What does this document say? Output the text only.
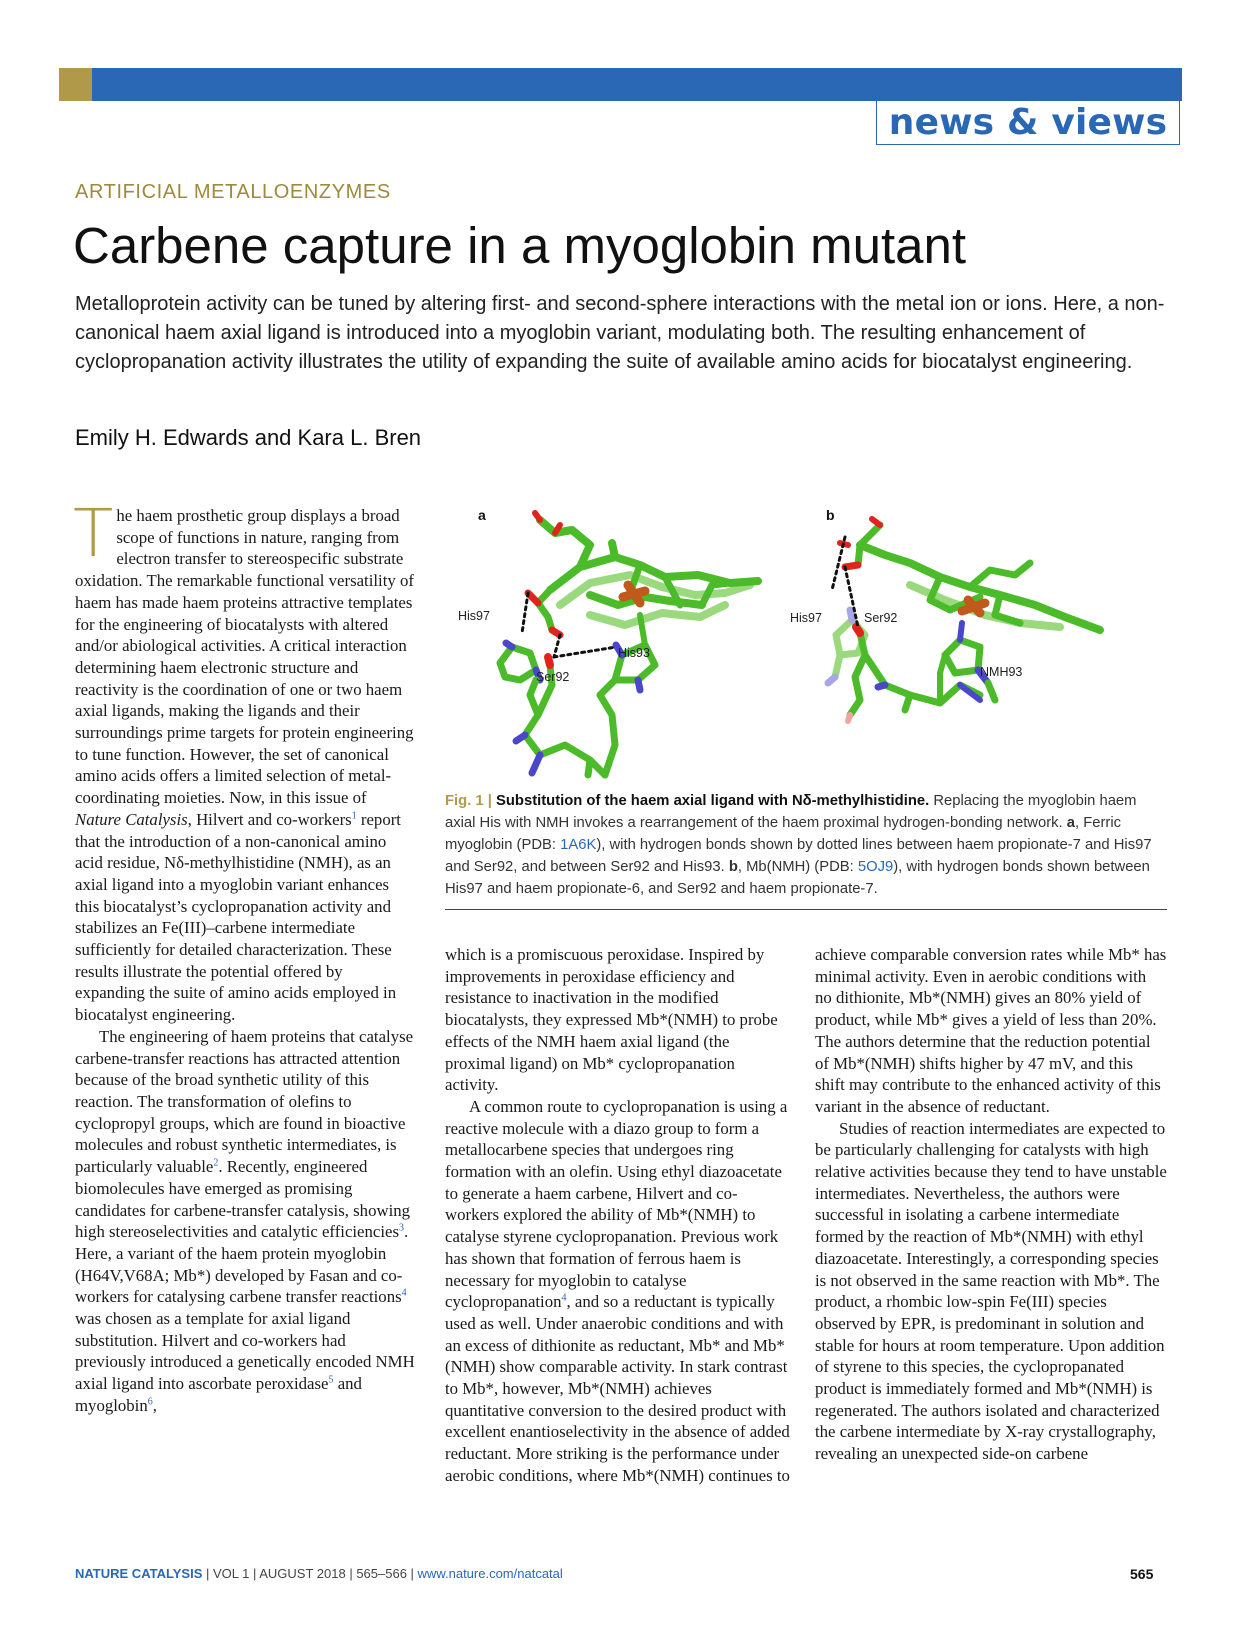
news & views
ARTIFICIAL METALLOENZYMES
Carbene capture in a myoglobin mutant
Metalloprotein activity can be tuned by altering first- and second-sphere interactions with the metal ion or ions. Here, a non-canonical haem axial ligand is introduced into a myoglobin variant, modulating both. The resulting enhancement of cyclopropanation activity illustrates the utility of expanding the suite of available amino acids for biocatalyst engineering.
Emily H. Edwards and Kara L. Bren

The haem prosthetic group displays a broad scope of functions in nature, ranging from electron transfer to stereospecific substrate oxidation. The remarkable functional versatility of haem has made haem proteins attractive templates for the engineering of biocatalysts with altered and/or abiological activities. A critical interaction determining haem electronic structure and reactivity is the coordination of one or two haem axial ligands, making the ligands and their surroundings prime targets for protein engineering to tune function. However, the set of canonical amino acids offers a limited selection of metal-coordinating moieties. Now, in this issue of Nature Catalysis, Hilvert and co-workers$^1$ report that the introduction of a non-canonical amino acid residue, Nδ-methylhistidine (NMH), as an axial ligand into a myoglobin variant enhances this biocatalyst’s cyclopropanation activity and stabilizes an Fe(III)–carbene intermediate sufficiently for detailed characterization. These results illustrate the potential offered by expanding the suite of amino acids employed in biocatalyst engineering.

The engineering of haem proteins that catalyse carbene-transfer reactions has attracted attention because of the broad synthetic utility of this reaction. The transformation of olefins to cyclopropyl groups, which are found in bioactive molecules and robust synthetic intermediates, is particularly valuable$^2$. Recently, engineered biomolecules have emerged as promising candidates for carbene-transfer catalysis, showing high stereoselectivities and catalytic efficiencies$^3$. Here, a variant of the haem protein myoglobin (H64V,V68A; Mb*) developed by Fasan and co-workers for catalysing carbene transfer reactions$^4$ was chosen as a template for axial ligand substitution. Hilvert and co-workers had previously introduced a genetically encoded NMH axial ligand into ascorbate peroxidase$^5$ and myoglobin$^6$,

a
His97
His93
Ser92
b
His97	Ser92
NMH93
Fig. 1 | Substitution of the haem axial ligand with Nδ-methylhistidine. Replacing the myoglobin haem axial His with NMH invokes a rearrangement of the haem proximal hydrogen-bonding network. a, Ferric myoglobin (PDB: 1A6K), with hydrogen bonds shown by dotted lines between haem propionate-7 and His97 and Ser92, and between Ser92 and His93. b, Mb(NMH) (PDB: 5OJ9), with hydrogen bonds shown between His97 and haem propionate-6, and Ser92 and haem propionate-7.

which is a promiscuous peroxidase. Inspired by improvements in peroxidase efficiency and resistance to inactivation in the modified biocatalysts, they expressed Mb*(NMH) to probe effects of the NMH haem axial ligand (the proximal ligand) on Mb* cyclopropanation activity.

A common route to cyclopropanation is using a reactive molecule with a diazo group to form a metallocarbene species that undergoes ring formation with an olefin. Using ethyl diazoacetate to generate a haem carbene, Hilvert and co-workers explored the ability of Mb*(NMH) to catalyse styrene cyclopropanation. Previous work has shown that formation of ferrous haem is necessary for myoglobin to catalyse cyclopropanation$^4$, and so a reductant is typically used as well. Under anaerobic conditions and with an excess of dithionite as reductant, Mb* and Mb*(NMH) show comparable activity. In stark contrast to Mb*, however, Mb*(NMH) achieves quantitative conversion to the desired product with excellent enantioselectivity in the absence of added reductant. More striking is the performance under aerobic conditions, where Mb*(NMH) continues to

achieve comparable conversion rates while Mb* has minimal activity. Even in aerobic conditions with no dithionite, Mb*(NMH) gives an 80% yield of product, while Mb* gives a yield of less than 20%. The authors determine that the reduction potential of Mb*(NMH) shifts higher by 47 mV, and this shift may contribute to the enhanced activity of this variant in the absence of reductant.

Studies of reaction intermediates are expected to be particularly challenging for catalysts with high relative activities because they tend to have unstable intermediates. Nevertheless, the authors were successful in isolating a carbene intermediate formed by the reaction of Mb*(NMH) with ethyl diazoacetate. Interestingly, a corresponding species is not observed in the same reaction with Mb*. The product, a rhombic low-spin Fe(III) species observed by EPR, is predominant in solution and stable for hours at room temperature. Upon addition of styrene to this species, the cyclopropanated product is immediately formed and Mb*(NMH) is regenerated. The authors isolated and characterized the carbene intermediate by X-ray crystallography, revealing an unexpected side-on carbene

NATURE CATALYSIS | VOL 1 | AUGUST 2018 | 565–566 | www.nature.com/natcatal	565
